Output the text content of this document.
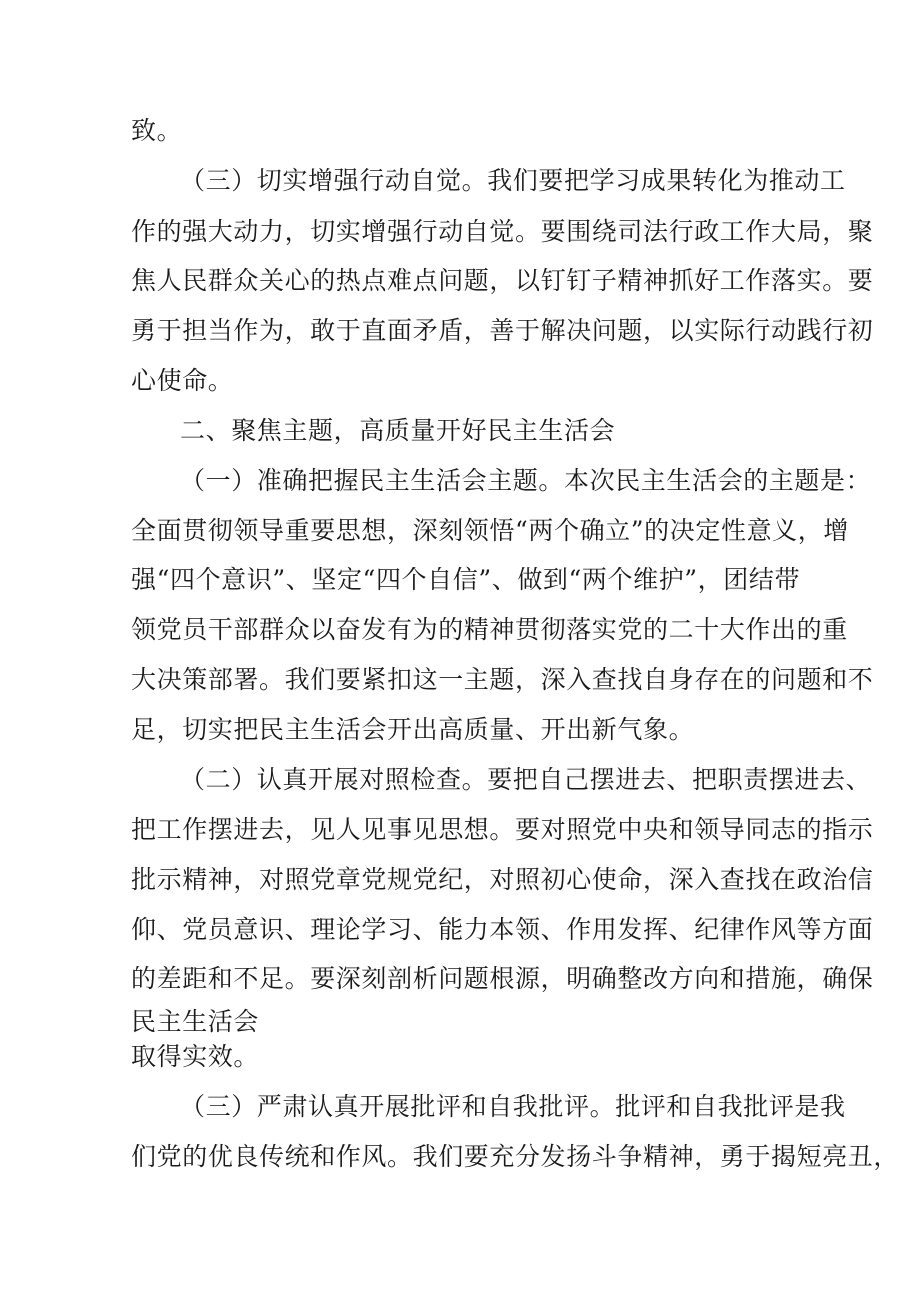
致。
（三）切实增强行动自觉。我们要把学习成果转化为推动工
作的强大动力，切实增强行动自觉。要围绕司法行政工作大局，聚
焦人民群众关心的热点难点问题，以钉钉子精神抓好工作落实。要
勇于担当作为，敢于直面矛盾，善于解决问题，以实际行动践行初
心使命。
二、聚焦主题，高质量开好民主生活会
（一）准确把握民主生活会主题。本次民主生活会的主题是：
全面贯彻领导重要思想，深刻领悟“两个确立”的决定性意义，增
强“四个意识”、坚定“四个自信”、做到“两个维护”，团结带
领党员干部群众以奋发有为的精神贯彻落实党的二十大作出的重
大决策部署。我们要紧扣这一主题，深入查找自身存在的问题和不
足，切实把民主生活会开出高质量、开出新气象。
（二）认真开展对照检查。要把自己摆进去、把职责摆进去、
把工作摆进去，见人见事见思想。要对照党中央和领导同志的指示
批示精神，对照党章党规党纪，对照初心使命，深入查找在政治信
仰、党员意识、理论学习、能力本领、作用发挥、纪律作风等方面
的差距和不足。要深刻剖析问题根源，明确整改方向和措施，确保
民主生活会
取得实效。
（三）严肃认真开展批评和自我批评。批评和自我批评是我
们党的优良传统和作风。我们要充分发扬斗争精神，勇于揭短亮丑，
